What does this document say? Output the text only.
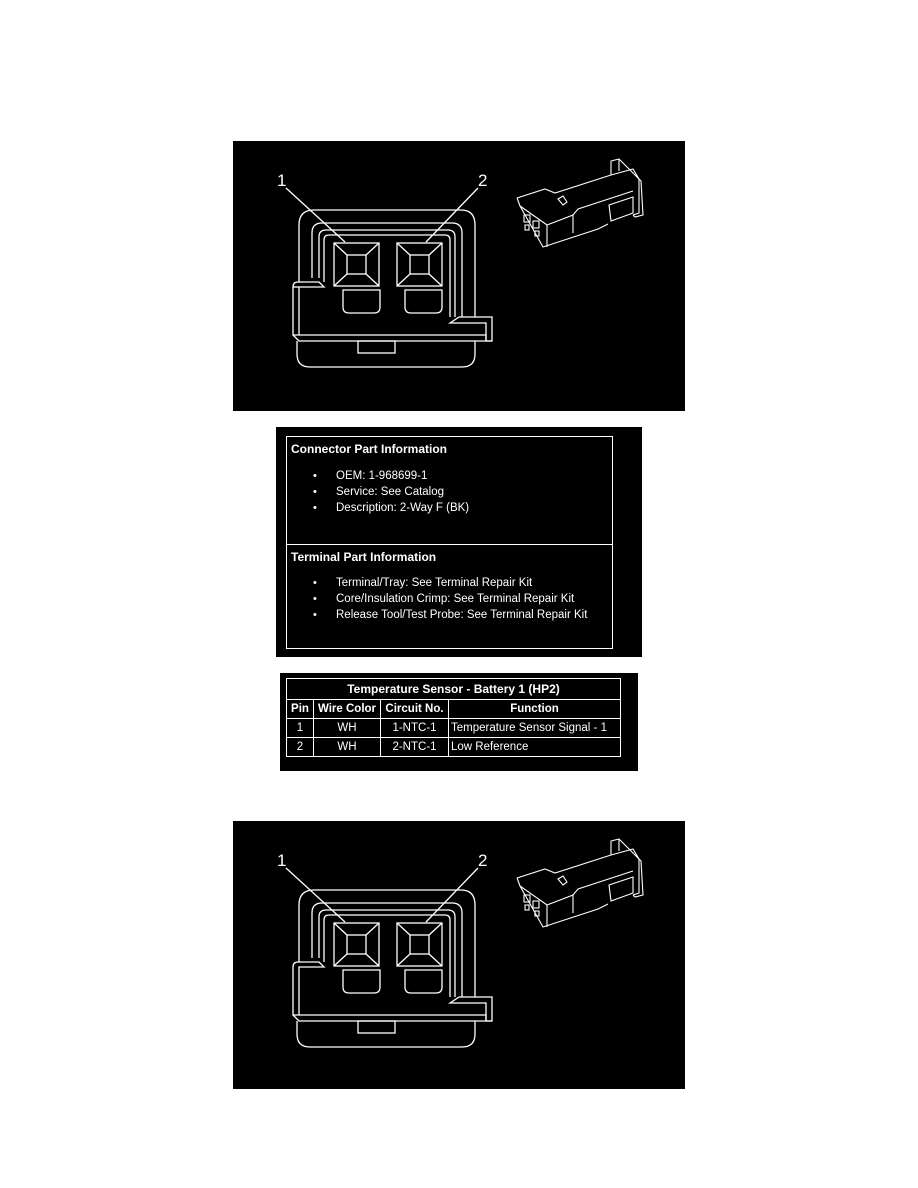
1	2
Connector Part Information
• OEM: 1-968699-1
• Service: See Catalog
• Description: 2-Way F (BK)
Terminal Part Information
• Terminal/Tray: See Terminal Repair Kit
• Core/Insulation Crimp: See Terminal Repair Kit
• Release Tool/Test Probe: See Terminal Repair Kit
Temperature Sensor - Battery 1 (HP2)			
Pin	Wire Color	Circuit No.	Function
1	WH	1-NTC-1	Temperature Sensor Signal - 1
2	WH	2-NTC-1	Low Reference
1	2
